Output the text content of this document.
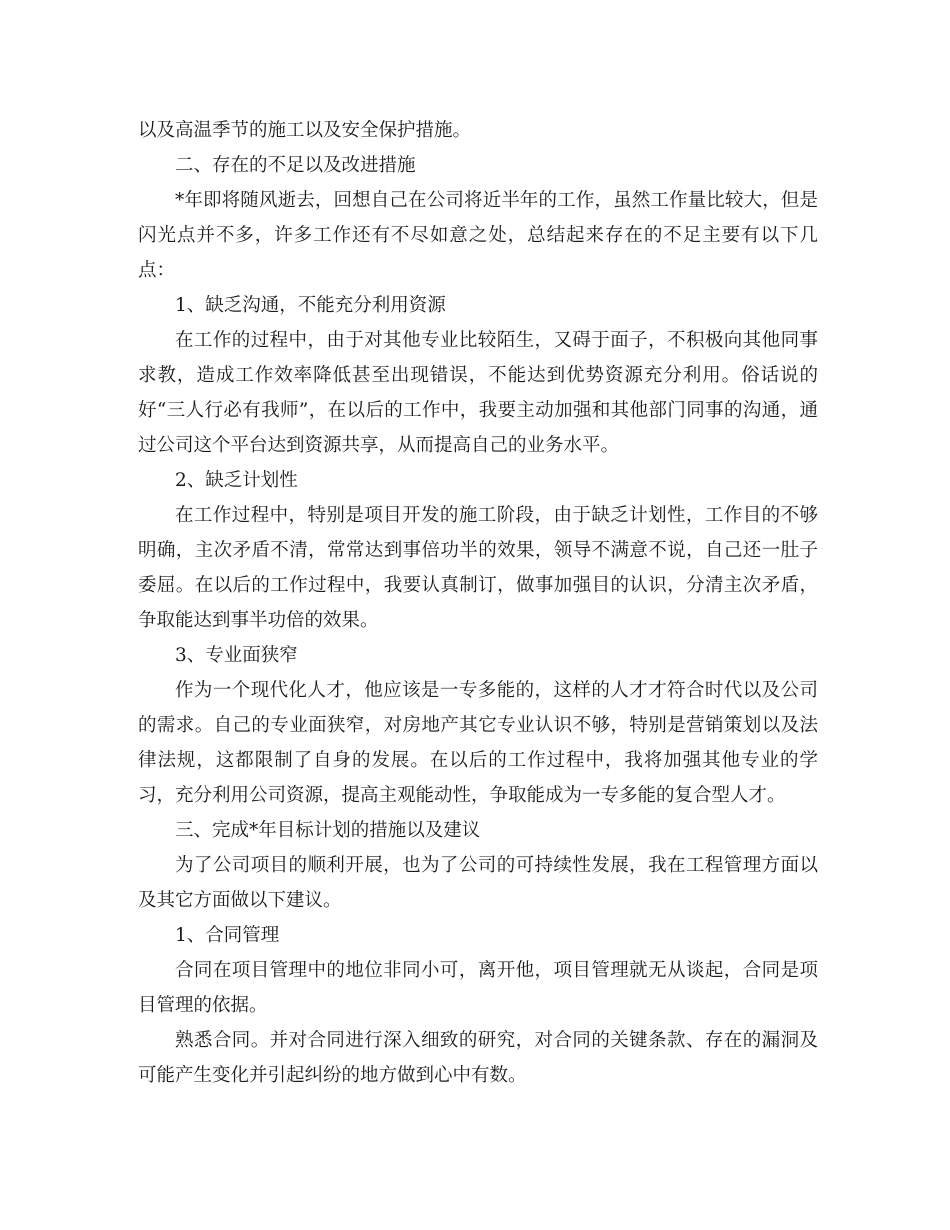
以及高温季节的施工以及安全保护措施。

二、存在的不足以及改进措施

*年即将随风逝去，回想自己在公司将近半年的工作，虽然工作量比较大，但是闪光点并不多，许多工作还有不尽如意之处，总结起来存在的不足主要有以下几点：

1、缺乏沟通，不能充分利用资源

在工作的过程中，由于对其他专业比较陌生，又碍于面子，不积极向其他同事求教，造成工作效率降低甚至出现错误，不能达到优势资源充分利用。俗话说的好“三人行必有我师”，在以后的工作中，我要主动加强和其他部门同事的沟通，通过公司这个平台达到资源共享，从而提高自己的业务水平。

2、缺乏计划性

在工作过程中，特别是项目开发的施工阶段，由于缺乏计划性，工作目的不够明确，主次矛盾不清，常常达到事倍功半的效果，领导不满意不说，自己还一肚子委屈。在以后的工作过程中，我要认真制订，做事加强目的认识，分清主次矛盾，争取能达到事半功倍的效果。

3、专业面狭窄

作为一个现代化人才，他应该是一专多能的，这样的人才才符合时代以及公司的需求。自己的专业面狭窄，对房地产其它专业认识不够，特别是营销策划以及法律法规，这都限制了自身的发展。在以后的工作过程中，我将加强其他专业的学习，充分利用公司资源，提高主观能动性，争取能成为一专多能的复合型人才。

三、完成*年目标计划的措施以及建议

为了公司项目的顺利开展，也为了公司的可持续性发展，我在工程管理方面以及其它方面做以下建议。

1、合同管理

合同在项目管理中的地位非同小可，离开他，项目管理就无从谈起，合同是项目管理的依据。

熟悉合同。并对合同进行深入细致的研究，对合同的关键条款、存在的漏洞及可能产生变化并引起纠纷的地方做到心中有数。
